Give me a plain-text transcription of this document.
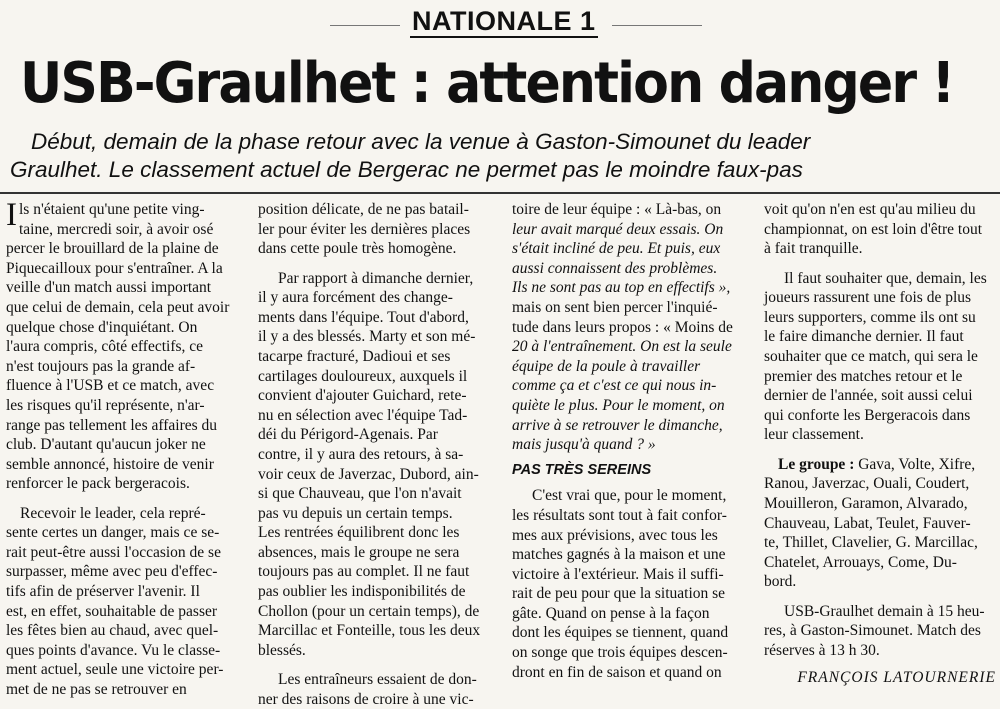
NATIONALE 1
USB-Graulhet : attention danger !
Début, demain de la phase retour avec la venue à Gaston-Simounet du leader
Graulhet. Le classement actuel de Bergerac ne permet pas le moindre faux-pas
I ls n'étaient qu'une petite ving-
taine, mercredi soir, à avoir osé
percer le brouillard de la plaine de
Piquecailloux pour s'entraîner. A la
veille d'un match aussi important
que celui de demain, cela peut avoir
quelque chose d'inquiétant. On
l'aura compris, côté effectifs, ce
n'est toujours pas la grande af-
fluence à l'USB et ce match, avec
les risques qu'il représente, n'ar-
range pas tellement les affaires du
club. D'autant qu'aucun joker ne
semble annoncé, histoire de venir
renforcer le pack bergeracois.
Recevoir le leader, cela repré-
sente certes un danger, mais ce se-
rait peut-être aussi l'occasion de se
surpasser, même avec peu d'effec-
tifs afin de préserver l'avenir. Il
est, en effet, souhaitable de passer
les fêtes bien au chaud, avec quel-
ques points d'avance. Vu le classe-
ment actuel, seule une victoire per-
met de ne pas se retrouver en
position délicate, de ne pas batail-
ler pour éviter les dernières places
dans cette poule très homogène.
Par rapport à dimanche dernier,
il y aura forcément des change-
ments dans l'équipe. Tout d'abord,
il y a des blessés. Marty et son mé-
tacarpe fracturé, Dadioui et ses
cartilages douloureux, auxquels il
convient d'ajouter Guichard, rete-
nu en sélection avec l'équipe Tad-
déi du Périgord-Agenais. Par
contre, il y aura des retours, à sa-
voir ceux de Javerzac, Dubord, ain-
si que Chauveau, que l'on n'avait
pas vu depuis un certain temps.
Les rentrées équilibrent donc les
absences, mais le groupe ne sera
toujours pas au complet. Il ne faut
pas oublier les indisponibilités de
Chollon (pour un certain temps), de
Marcillac et Fonteille, tous les deux
blessés.
Les entraîneurs essaient de don-
ner des raisons de croire à une vic-
toire de leur équipe : « Là-bas, on
leur avait marqué deux essais. On
s'était incliné de peu. Et puis, eux
aussi connaissent des problèmes.
Ils ne sont pas au top en effectifs »,
mais on sent bien percer l'inquié-
tude dans leurs propos : « Moins de
20 à l'entraînement. On est la seule
équipe de la poule à travailler
comme ça et c'est ce qui nous in-
quiète le plus. Pour le moment, on
arrive à se retrouver le dimanche,
mais jusqu'à quand ? »
PAS TRÈS SEREINS
C'est vrai que, pour le moment,
les résultats sont tout à fait confor-
mes aux prévisions, avec tous les
matches gagnés à la maison et une
victoire à l'extérieur. Mais il suffi-
rait de peu pour que la situation se
gâte. Quand on pense à la façon
dont les équipes se tiennent, quand
on songe que trois équipes descen-
dront en fin de saison et quand on
voit qu'on n'en est qu'au milieu du
championnat, on est loin d'être tout
à fait tranquille.
Il faut souhaiter que, demain, les
joueurs rassurent une fois de plus
leurs supporters, comme ils ont su
le faire dimanche dernier. Il faut
souhaiter que ce match, qui sera le
premier des matches retour et le
dernier de l'année, soit aussi celui
qui conforte les Bergeracois dans
leur classement.
Le groupe : Gava, Volte, Xifre,
Ranou, Javerzac, Ouali, Coudert,
Mouilleron, Garamon, Alvarado,
Chauveau, Labat, Teulet, Fauver-
te, Thillet, Clavelier, G. Marcillac,
Chatelet, Arrouays, Come, Du-
bord.
USB-Graulhet demain à 15 heu-
res, à Gaston-Simounet. Match des
réserves à 13 h 30.
FRANÇOIS LATOURNERIE
